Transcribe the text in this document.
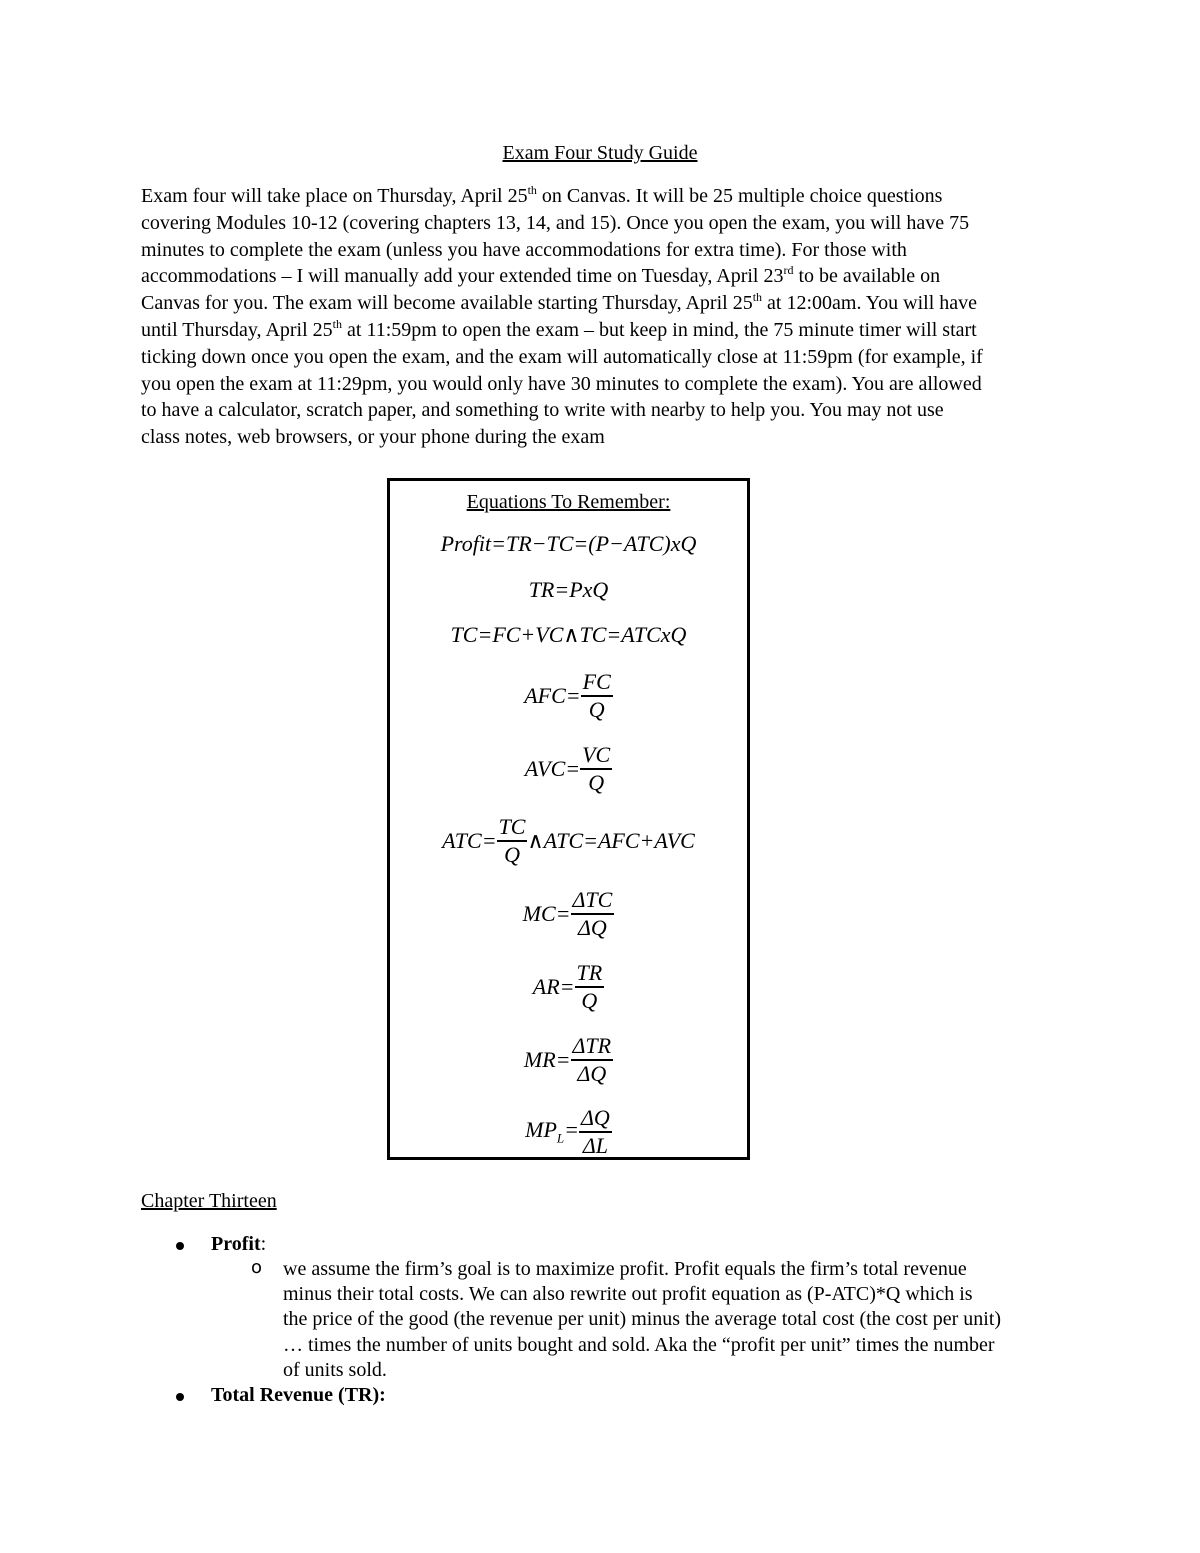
Exam Four Study Guide
Exam four will take place on Thursday, April 25th on Canvas. It will be 25 multiple choice questions
covering Modules 10-12 (covering chapters 13, 14, and 15). Once you open the exam, you will have 75
minutes to complete the exam (unless you have accommodations for extra time). For those with
accommodations – I will manually add your extended time on Tuesday, April 23rd to be available on
Canvas for you. The exam will become available starting Thursday, April 25th at 12:00am. You will have
until Thursday, April 25th at 11:59pm to open the exam – but keep in mind, the 75 minute timer will start
ticking down once you open the exam, and the exam will automatically close at 11:59pm (for example, if
you open the exam at 11:29pm, you would only have 30 minutes to complete the exam). You are allowed
to have a calculator, scratch paper, and something to write with nearby to help you. You may not use
class notes, web browsers, or your phone during the exam
Equations To Remember:
Profit=TR−TC=(P−ATC)xQ
TR=PxQ
TC=FC+VC∧TC=ATCxQ
$AFC= \frac{FC}{Q}$
$AVC= \frac{VC}{Q}$
$ATC= \frac{TC}{Q}$ ∧ATC=AFC+AVC
$MC= \frac{\text{ΔTC}}{\Delta Q}$
$AR= \frac{TR}{Q}$
$MR= \frac{\text{ΔTR}}{\Delta Q}$
$MP_L= \frac{\Delta Q}{\Delta L}$
Chapter Thirteen
Profit:
o we assume the firm’s goal is to maximize profit. Profit equals the firm’s total revenue
minus their total costs. We can also rewrite out profit equation as (P-ATC)*Q which is
the price of the good (the revenue per unit) minus the average total cost (the cost per unit)
… times the number of units bought and sold. Aka the “profit per unit” times the number
of units sold.
Total Revenue (TR):
